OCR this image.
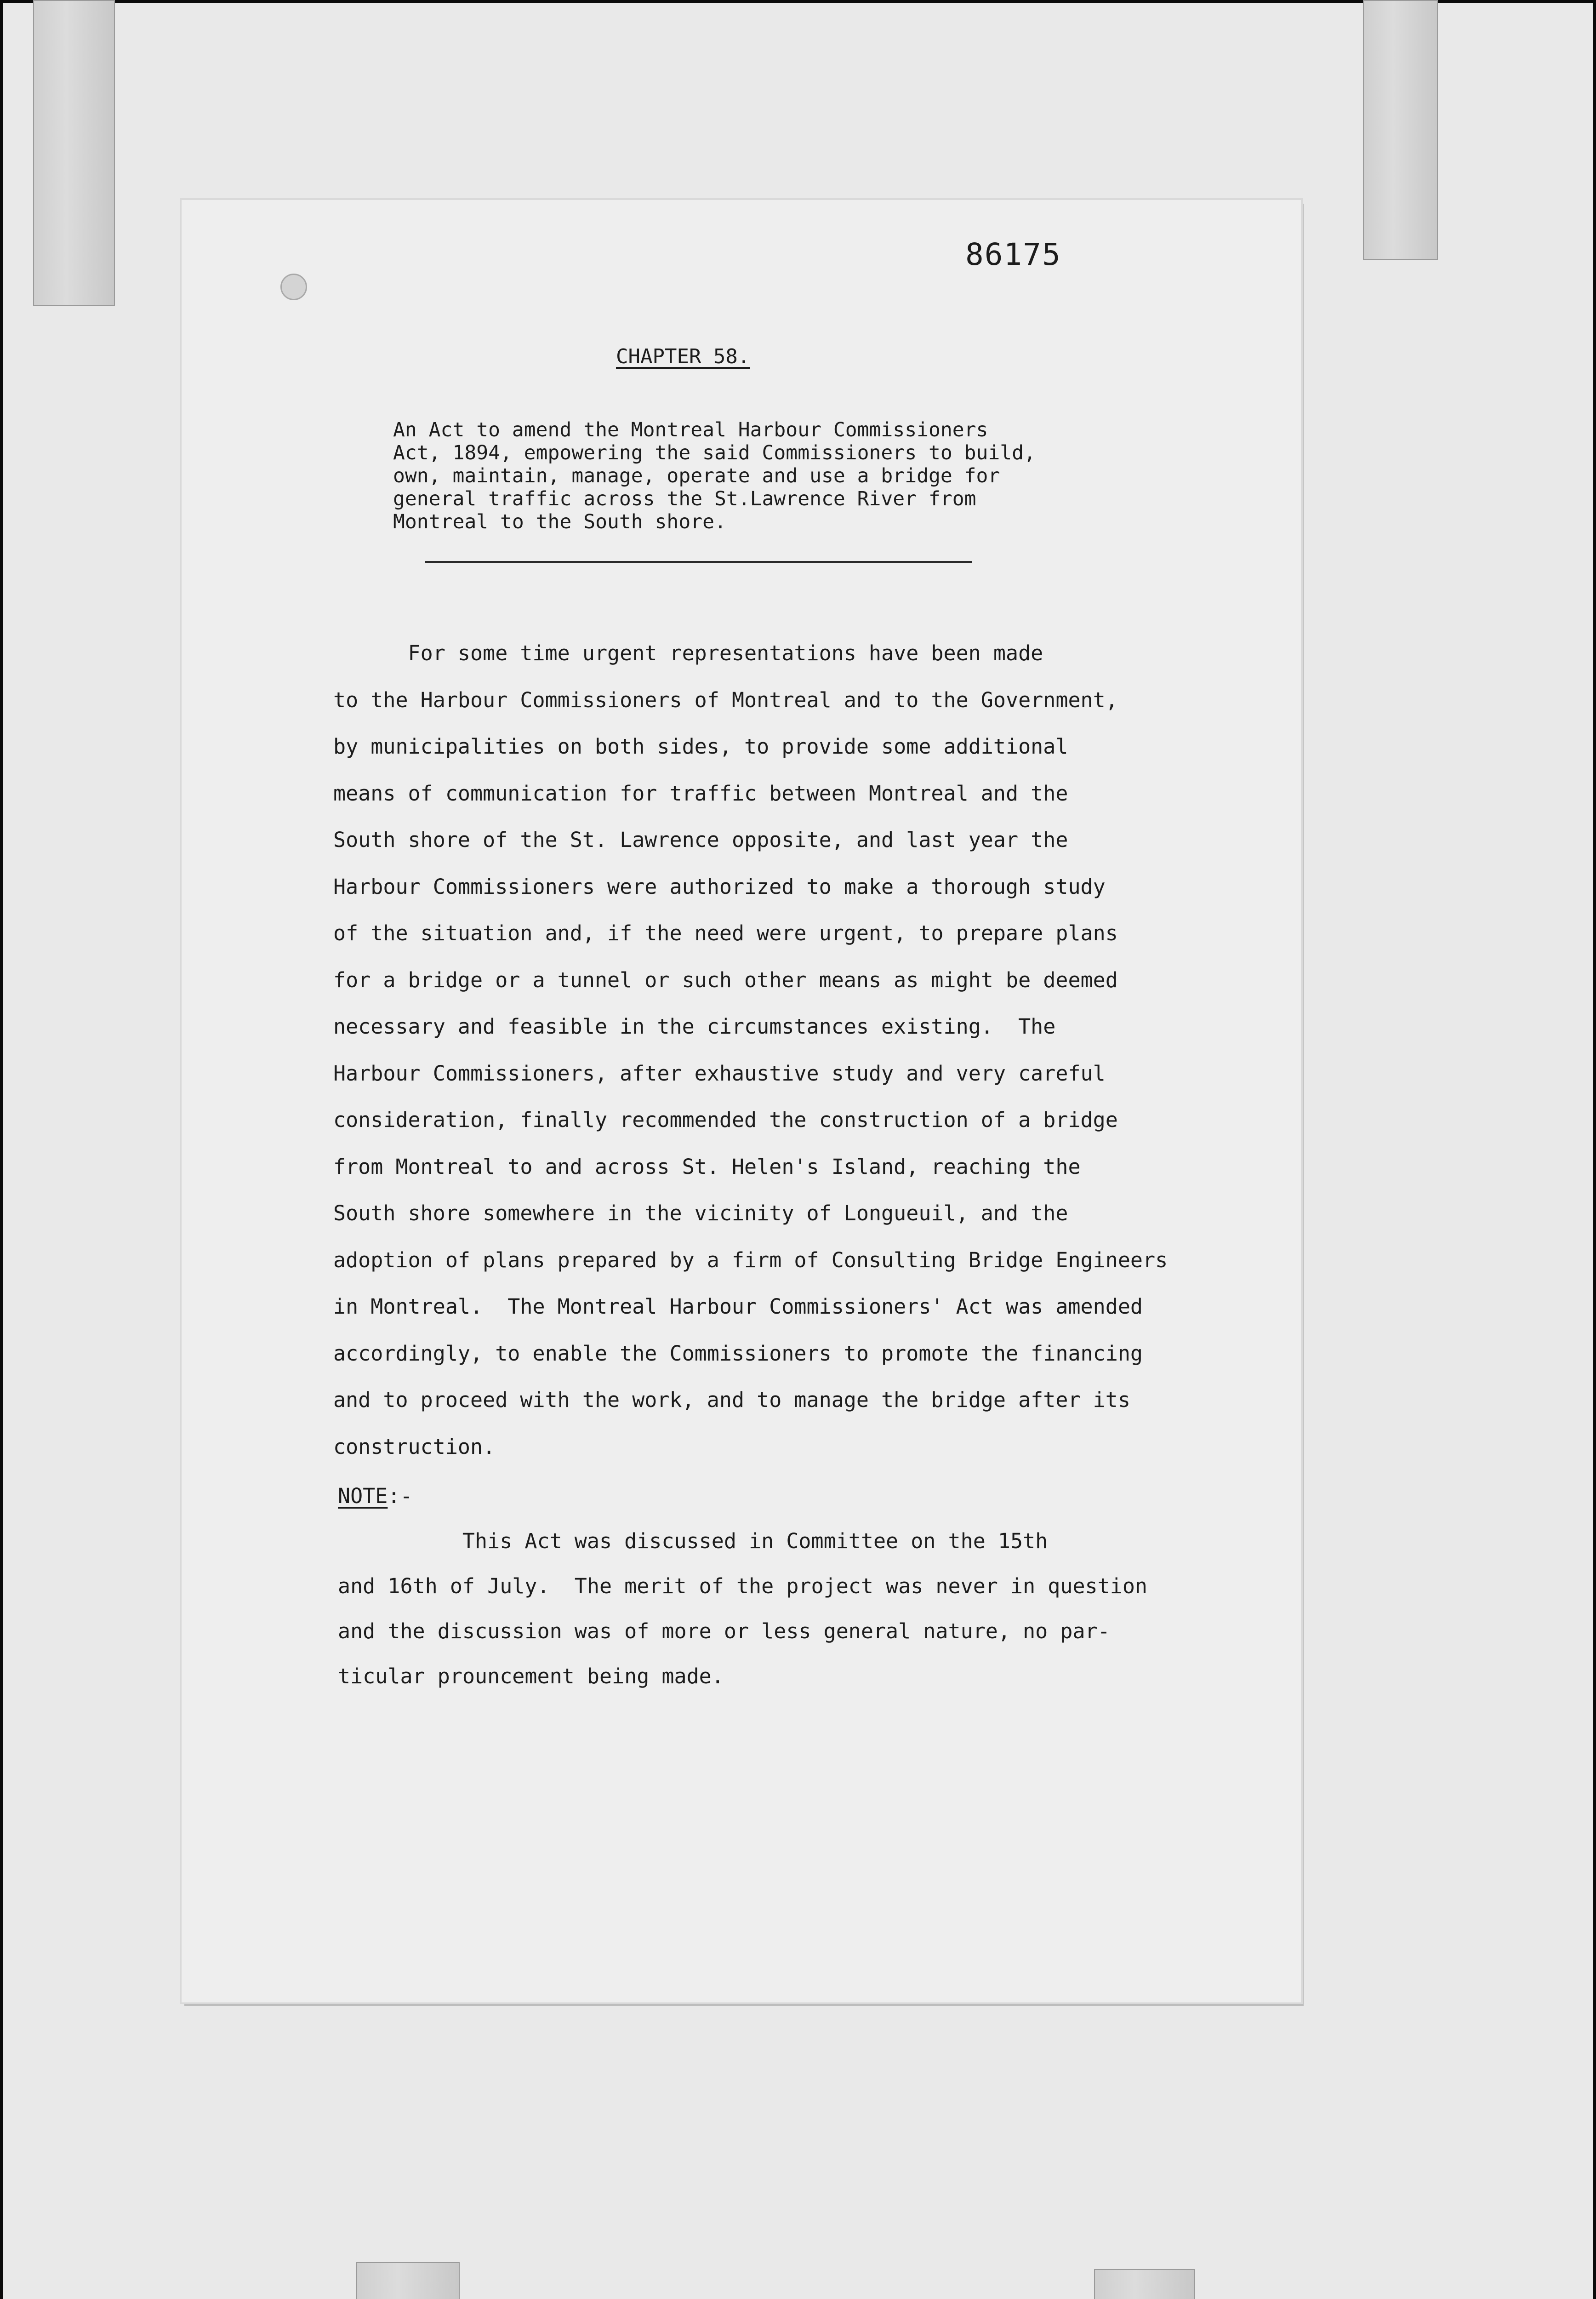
86175
CHAPTER 58.
An Act to amend the Montreal Harbour Commissioners
Act, 1894, empowering the said Commissioners to build,
own, maintain, manage, operate and use a bridge for
general traffic across the St.Lawrence River from
Montreal to the South shore.
For some time urgent representations have been made
to the Harbour Commissioners of Montreal and to the Government,
by municipalities on both sides, to provide some additional
means of communication for traffic between Montreal and the
South shore of the St. Lawrence opposite, and last year the
Harbour Commissioners were authorized to make a thorough study
of the situation and, if the need were urgent, to prepare plans
for a bridge or a tunnel or such other means as might be deemed
necessary and feasible in the circumstances existing.  The
Harbour Commissioners, after exhaustive study and very careful
consideration, finally recommended the construction of a bridge
from Montreal to and across St. Helen's Island, reaching the
South shore somewhere in the vicinity of Longueuil, and the
adoption of plans prepared by a firm of Consulting Bridge Engineers
in Montreal.  The Montreal Harbour Commissioners' Act was amended
accordingly, to enable the Commissioners to promote the financing
and to proceed with the work, and to manage the bridge after its
construction.
NOTE:-
This Act was discussed in Committee on the 15th
and 16th of July.  The merit of the project was never in question
and the discussion was of more or less general nature, no par-
ticular prouncement being made.
